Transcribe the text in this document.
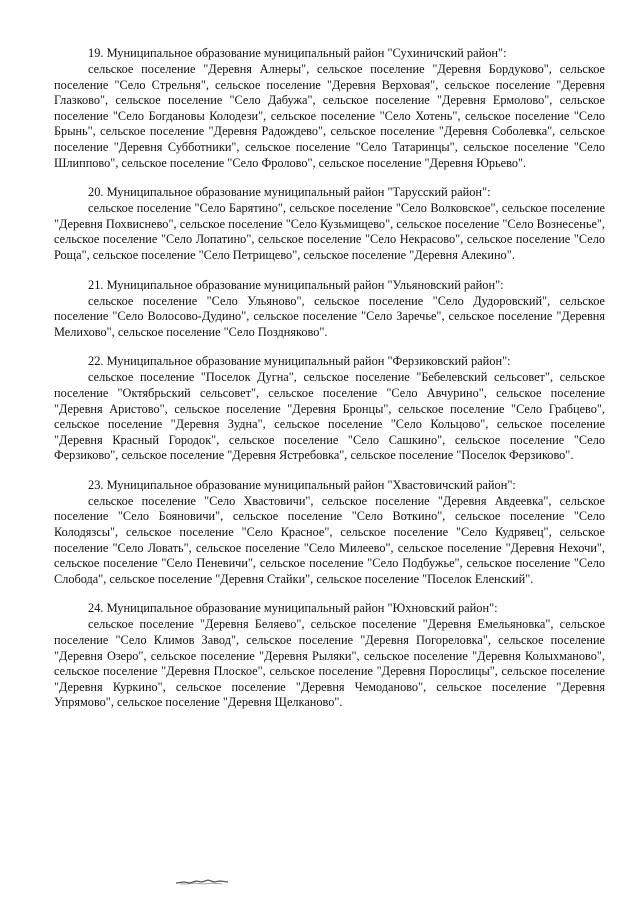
19. Муниципальное образование муниципальный район "Сухиничский район":

сельское поселение "Деревня Алнеры", сельское поселение "Деревня Бордуково", сельское поселение "Село Стрельня", сельское поселение "Деревня Верховая", сельское поселение "Деревня Глазково", сельское поселение "Село Дабужа", сельское поселение "Деревня Ермолово", сельское поселение "Село Богдановы Колодези", сельское поселение "Село Хотень", сельское поселение "Село Брынь", сельское поселение "Деревня Радождево", сельское поселение "Деревня Соболевка", сельское поселение "Деревня Субботники", сельское поселение "Село Татаринцы", сельское поселение "Село Шлиппово", сельское поселение "Село Фролово", сельское поселение "Деревня Юрьево".

20. Муниципальное образование муниципальный район "Тарусский район":

сельское поселение "Село Барятино", сельское поселение "Село Волковское", сельское поселение "Деревня Похвиснево", сельское поселение "Село Кузьмищево", сельское поселение "Село Вознесенье", сельское поселение "Село Лопатино", сельское поселение "Село Некрасово", сельское поселение "Село Роща", сельское поселение "Село Петрищево", сельское поселение "Деревня Алекино".

21. Муниципальное образование муниципальный район "Ульяновский район":

сельское поселение "Село Ульяново", сельское поселение "Село Дудоровский", сельское поселение "Село Волосово-Дудино", сельское поселение "Село Заречье", сельское поселение "Деревня Мелихово", сельское поселение "Село Поздняково".

22. Муниципальное образование муниципальный район "Ферзиковский район":

сельское поселение "Поселок Дугна", сельское поселение "Бебелевский сельсовет", сельское поселение "Октябрьский сельсовет", сельское поселение "Село Авчурино", сельское поселение "Деревня Аристово", сельское поселение "Деревня Бронцы", сельское поселение "Село Грабцево", сельское поселение "Деревня Зудна", сельское поселение "Село Кольцово", сельское поселение "Деревня Красный Городок", сельское поселение "Село Сашкино", сельское поселение "Село Ферзиково", сельское поселение "Деревня Ястребовка", сельское поселение "Поселок Ферзиково".

23. Муниципальное образование муниципальный район "Хвастовичский район":

сельское поселение "Село Хвастовичи", сельское поселение "Деревня Авдеевка", сельское поселение "Село Бояновичи", сельское поселение "Село Воткино", сельское поселение "Село Колодязсы", сельское поселение "Село Красное", сельское поселение "Село Кудрявец", сельское поселение "Село Ловать", сельское поселение "Село Милеево", сельское поселение "Деревня Нехочи", сельское поселение "Село Пеневичи", сельское поселение "Село Подбужье", сельское поселение "Село Слобода", сельское поселение "Деревня Стайки", сельское поселение "Поселок Еленский".

24. Муниципальное образование муниципальный район "Юхновский район":

сельское поселение "Деревня Беляево", сельское поселение "Деревня Емельяновка", сельское поселение "Село Климов Завод", сельское поселение "Деревня Погореловка", сельское поселение "Деревня Озеро", сельское поселение "Деревня Рыляки", сельское поселение "Деревня Колыхманово", сельское поселение "Деревня Плоское", сельское поселение "Деревня Порослицы", сельское поселение "Деревня Куркино", сельское поселение "Деревня Чемоданово", сельское поселение "Деревня Упрямово", сельское поселение "Деревня Щелканово".
